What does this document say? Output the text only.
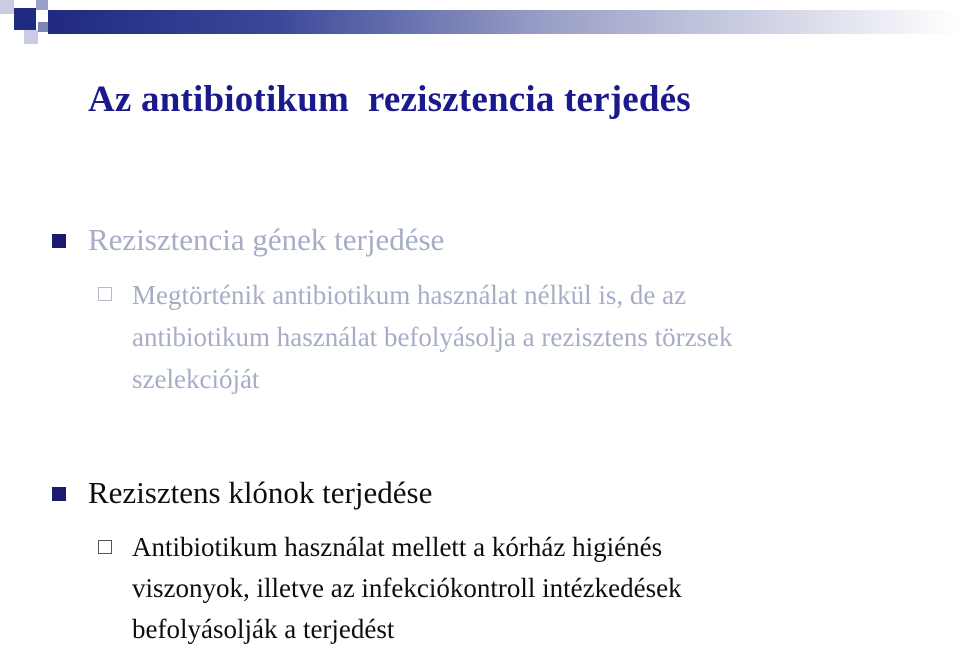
Az antibiotikum  rezisztencia terjedés
Rezisztencia gének terjedése
Megtörténik antibiotikum használat nélkül is, de az
antibiotikum használat befolyásolja a rezisztens törzsek
szelekcióját
Rezisztens klónok terjedése
Antibiotikum használat mellett a kórház higiénés
viszonyok, illetve az infekciókontroll intézkedések
befolyásolják a terjedést
